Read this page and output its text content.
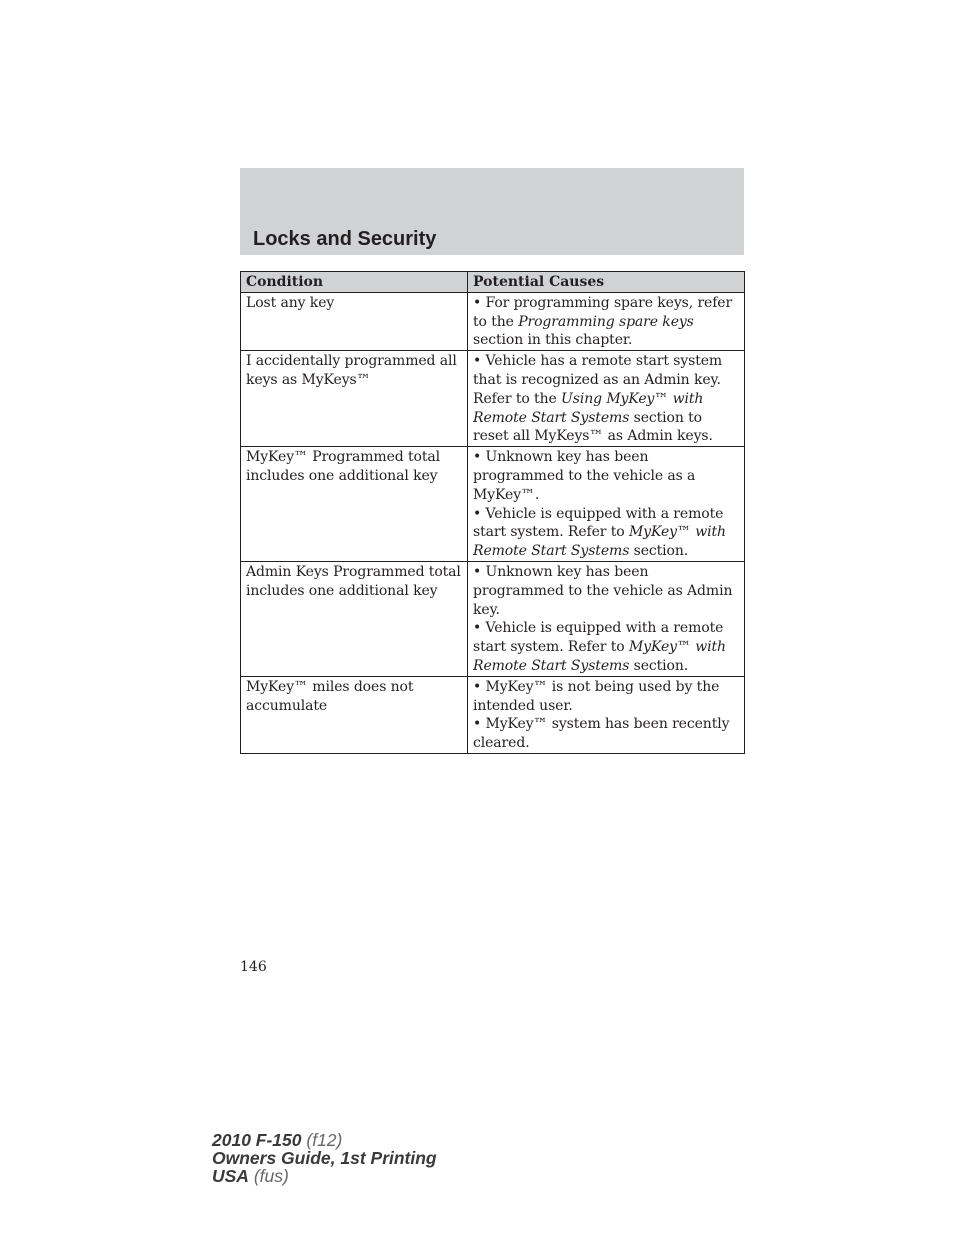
Locks and Security
Condition	Potential Causes
Lost any key	• For programming spare keys, refer to the Programming spare keys section in this chapter.

I accidentally programmed all keys as MyKeys™	• Vehicle has a remote start system that is recognized as an Admin key. Refer to the Using MyKey™ with Remote Start Systems section to reset all MyKeys™ as Admin keys.

MyKey™ Programmed total includes one additional key	• Unknown key has been programmed to the vehicle as a MyKey™.
• Vehicle is equipped with a remote start system. Refer to MyKey™ with Remote Start Systems section.

Admin Keys Programmed total includes one additional key	• Unknown key has been programmed to the vehicle as Admin key.
• Vehicle is equipped with a remote start system. Refer to MyKey™ with Remote Start Systems section.

MyKey™ miles does not accumulate	• MyKey™ is not being used by the intended user.
• MyKey™ system has been recently cleared.
146
2010 F-150 (f12)
Owners Guide, 1st Printing
USA (fus)
